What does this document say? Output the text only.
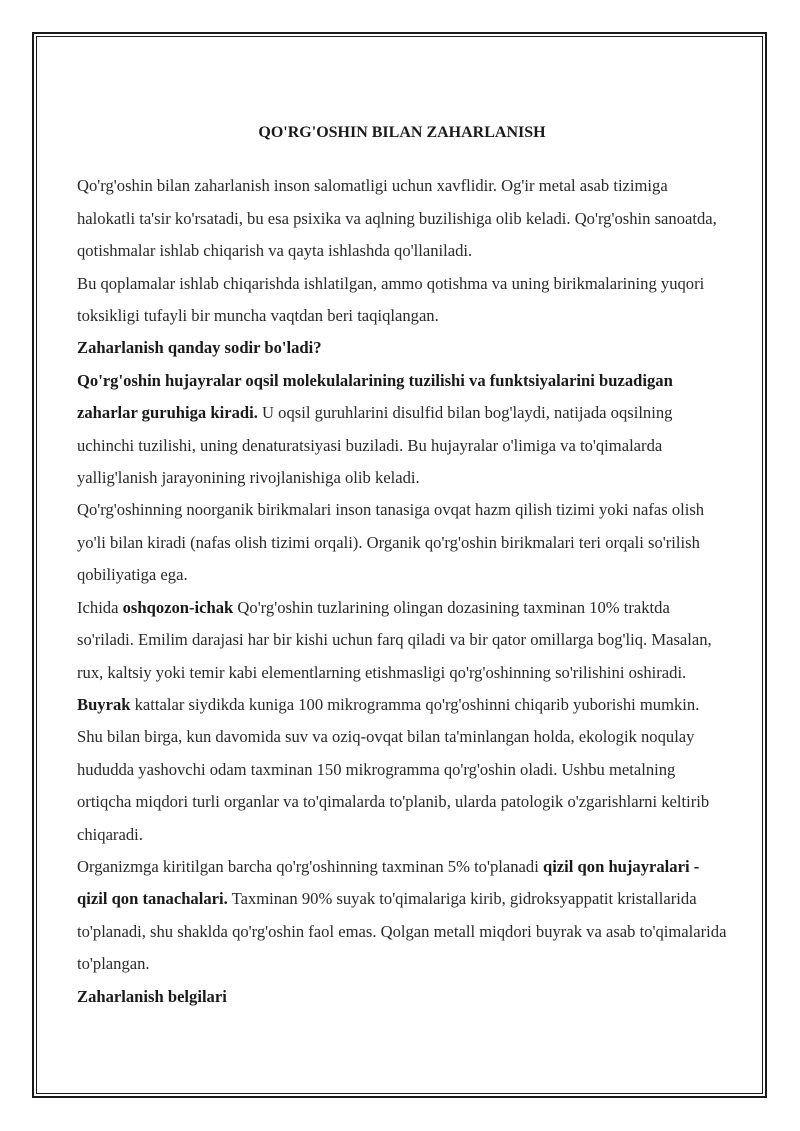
QO'RG'OSHIN BILAN ZAHARLANISH

Qo'rg'oshin bilan zaharlanish inson salomatligi uchun xavflidir. Og'ir metal asab tizimiga halokatli ta'sir ko'rsatadi, bu esa psixika va aqlning buzilishiga olib keladi. Qo'rg'oshin sanoatda, qotishmalar ishlab chiqarish va qayta ishlashda qo'llaniladi.

Bu qoplamalar ishlab chiqarishda ishlatilgan, ammo qotishma va uning birikmalarining yuqori toksikligi tufayli bir muncha vaqtdan beri taqiqlangan.

Zaharlanish qanday sodir bo'ladi?

Qo'rg'oshin hujayralar oqsil molekulalarining tuzilishi va funktsiyalarini buzadigan zaharlar guruhiga kiradi. U oqsil guruhlarini disulfid bilan bog'laydi, natijada oqsilning uchinchi tuzilishi, uning denaturatsiyasi buziladi. Bu hujayralar o'limiga va to'qimalarda yallig'lanish jarayonining rivojlanishiga olib keladi.

Qo'rg'oshinning noorganik birikmalari inson tanasiga ovqat hazm qilish tizimi yoki nafas olish yo'li bilan kiradi (nafas olish tizimi orqali). Organik qo'rg'oshin birikmalari teri orqali so'rilish qobiliyatiga ega.

Ichida oshqozon-ichak Qo'rg'oshin tuzlarining olingan dozasining taxminan 10% traktda so'riladi. Emilim darajasi har bir kishi uchun farq qiladi va bir qator omillarga bog'liq. Masalan, rux, kaltsiy yoki temir kabi elementlarning etishmasligi qo'rg'oshinning so'rilishini oshiradi.

Buyrak kattalar siydikda kuniga 100 mikrogramma qo'rg'oshinni chiqarib yuborishi mumkin. Shu bilan birga, kun davomida suv va oziq-ovqat bilan ta'minlangan holda, ekologik noqulay hududda yashovchi odam taxminan 150 mikrogramma qo'rg'oshin oladi. Ushbu metalning ortiqcha miqdori turli organlar va to'qimalarda to'planib, ularda patologik o'zgarishlarni keltirib chiqaradi.

Organizmga kiritilgan barcha qo'rg'oshinning taxminan 5% to'planadi qizil qon hujayralari - qizil qon tanachalari. Taxminan 90% suyak to'qimalariga kirib, gidroksyappatit kristallarida to'planadi, shu shaklda qo'rg'oshin faol emas. Qolgan metall miqdori buyrak va asab to'qimalarida to'plangan.

Zaharlanish belgilari
